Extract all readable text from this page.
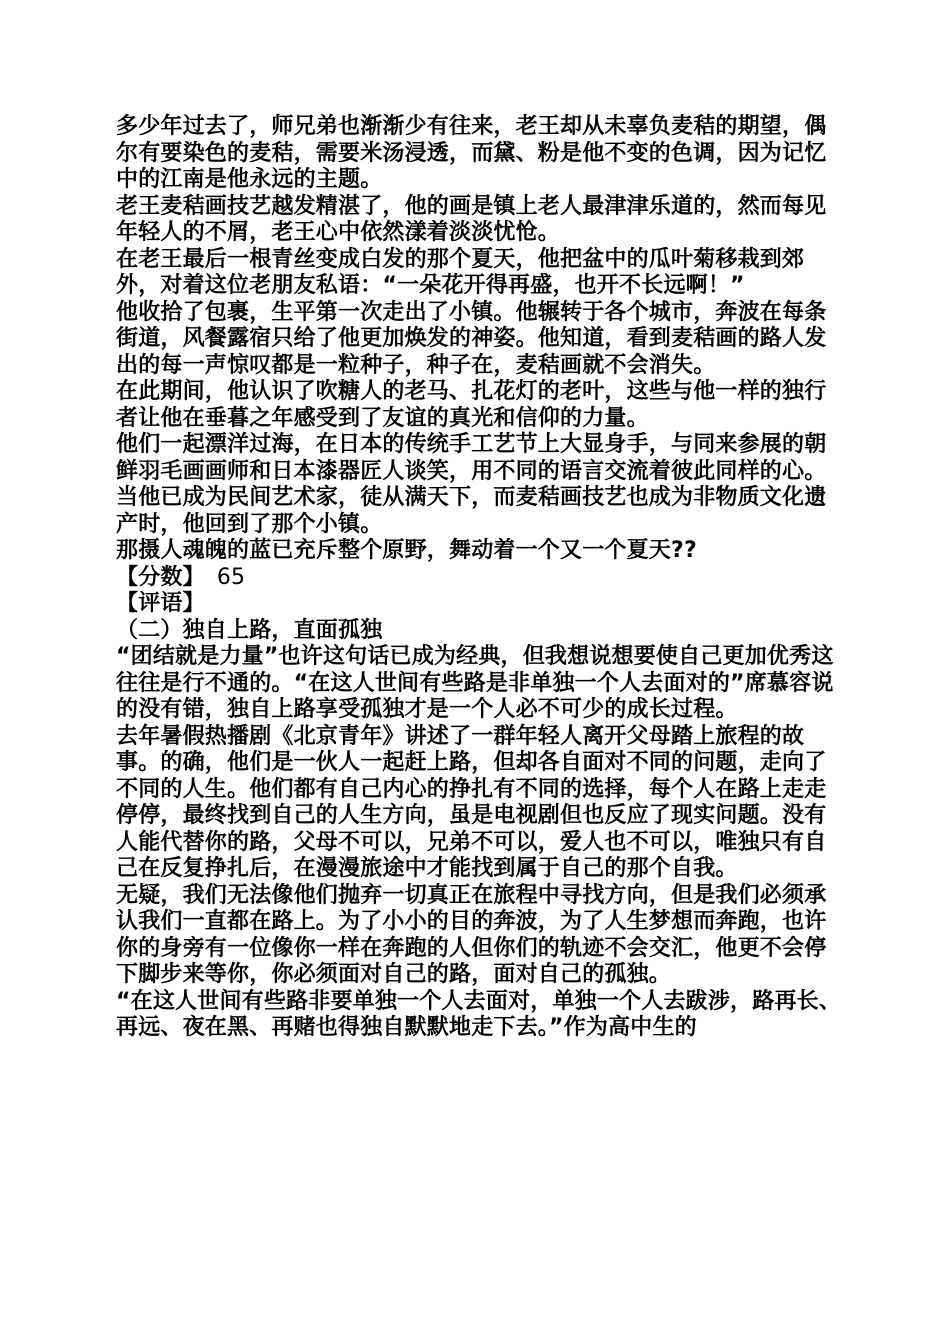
多少年过去了，师兄弟也渐渐少有往来，老王却从未辜负麦秸的期望，偶尔有要染色的麦秸，需要米汤浸透，而黛、粉是他不变的色调，因为记忆中的江南是他永远的主题。

老王麦秸画技艺越发精湛了，他的画是镇上老人最津津乐道的，然而每见年轻人的不屑，老王心中依然漾着淡淡忧怆。

在老王最后一根青丝变成白发的那个夏天，他把盆中的瓜叶菊移栽到郊外，对着这位老朋友私语：“一朵花开得再盛，也开不长远啊！”

他收拾了包裹，生平第一次走出了小镇。他辗转于各个城市，奔波在每条街道，风餐露宿只给了他更加焕发的神姿。他知道，看到麦秸画的路人发出的每一声惊叹都是一粒种子，种子在，麦秸画就不会消失。

在此期间，他认识了吹糖人的老马、扎花灯的老叶，这些与他一样的独行者让他在垂暮之年感受到了友谊的真光和信仰的力量。

他们一起漂洋过海，在日本的传统手工艺节上大显身手，与同来参展的朝鲜羽毛画画师和日本漆器匠人谈笑，用不同的语言交流着彼此同样的心。

当他已成为民间艺术家，徒从满天下，而麦秸画技艺也成为非物质文化遗产时，他回到了那个小镇。

那摄人魂魄的蓝已充斥整个原野，舞动着一个又一个夏天??

【分数】 65

【评语】

（二）独自上路，直面孤独

“团结就是力量”也许这句话已成为经典，但我想说想要使自己更加优秀这往往是行不通的。“在这人世间有些路是非单独一个人去面对的”席慕容说的没有错，独自上路享受孤独才是一个人必不可少的成长过程。

去年暑假热播剧《北京青年》讲述了一群年轻人离开父母踏上旅程的故事。的确，他们是一伙人一起赶上路，但却各自面对不同的问题，走向了不同的人生。他们都有自己内心的挣扎有不同的选择，每个人在路上走走停停，最终找到自己的人生方向，虽是电视剧但也反应了现实问题。没有人能代替你的路，父母不可以，兄弟不可以，爱人也不可以，唯独只有自己在反复挣扎后，在漫漫旅途中才能找到属于自己的那个自我。

无疑，我们无法像他们抛弃一切真正在旅程中寻找方向，但是我们必须承认我们一直都在路上。为了小小的目的奔波，为了人生梦想而奔跑，也许你的身旁有一位像你一样在奔跑的人但你们的轨迹不会交汇，他更不会停下脚步来等你，你必须面对自己的路，面对自己的孤独。

“在这人世间有些路非要单独一个人去面对，单独一个人去跋涉，路再长、再远、夜在黑、再赌也得独自默默地走下去。”作为高中生的
